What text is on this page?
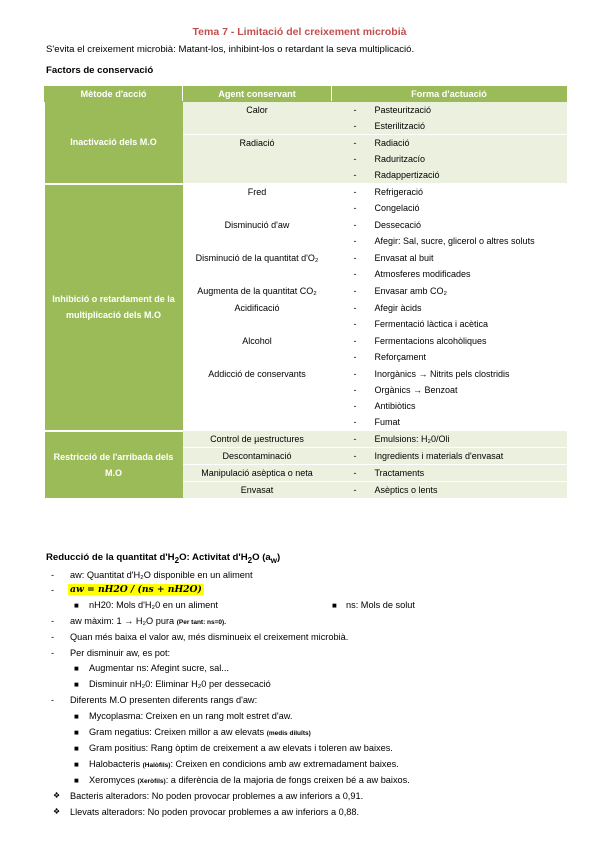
Tema 7 - Limitació del creixement microbià
S'evita el creixement microbià: Matant-los, inhibint-los o retardant la seva multiplicació.
Factors de conservació
Mètode d'acció	Agent conservant	Forma d'actuació
Inactivació dels M.O	Calor	- Pasteurització
- Esterilització

	Radiació	- Radiació
- Raduritzacío
- Radappertizació

Inhibició o retardament de la multiplicació dels M.O	Fred	- Refrigeració
- Congelació

	Disminució d'aw	- Dessecació
- Afegir: Sal, sucre, glicerol o altres soluts

	Disminució de la quantitat d'O₂	- Envasat al buit
- Atmosferes modificades

	Augmenta de la quantitat CO₂	- Envasar amb CO₂

	Acidificació	- Afegir àcids
- Fermentació làctica i acètica

	Alcohol	- Fermentacions alcohòliques
- Reforçament

	Addicció de conservants	- Inorgànics → Nitrits pels clostridis
- Orgànics → Benzoat
- Antibiòtics
- Fumat

Restricció de l'arribada dels M.O	Control de µestructures	- Emulsions: H₂0/Oli

	Descontaminació	- Ingredients i materials d'envasat

	Manipulació asèptica o neta	- Tractaments

	Envasat	- Asèptics o lents
Reducció de la quantitat $d'H_2O$: Activitat $d'H_2O$ $(a_w)$
- aw: Quantitat d'H₂O disponible en un aliment
- aw = nH2O / (ns + nH2O)
■ nH20: Mols d'H₂0 en un aliment	■ ns: Mols de solut
- aw màxim: 1 → H₂O pura (Per tant: ns=0).
- Quan més baixa el valor aw, més disminueix el creixement microbià.
- Per disminuir aw, es pot:
■ Augmentar ns: Afegint sucre, sal...
■ Disminuir nH₂0: Eliminar H₂0 per dessecació
- Diferents M.O presenten diferents rangs d'aw:
■ Mycoplasma: Creixen en un rang molt estret d'aw.
■ Gram negatius: Creixen millor a aw elevats (medis diluïts)
■ Gram positius: Rang òptim de creixement a aw elevats i toleren aw baixes.
■ Halobacteris (Halòfils): Creixen en condicions amb aw extremadament baixes.
■ Xeromyces (Xeròfils): a diferència de la majoria de fongs creixen bé a aw baixos.
❖ Bacteris alteradors: No poden provocar problemes a aw inferiors a 0,91.
❖ Llevats alteradors: No poden provocar problemes a aw inferiors a 0,88.
